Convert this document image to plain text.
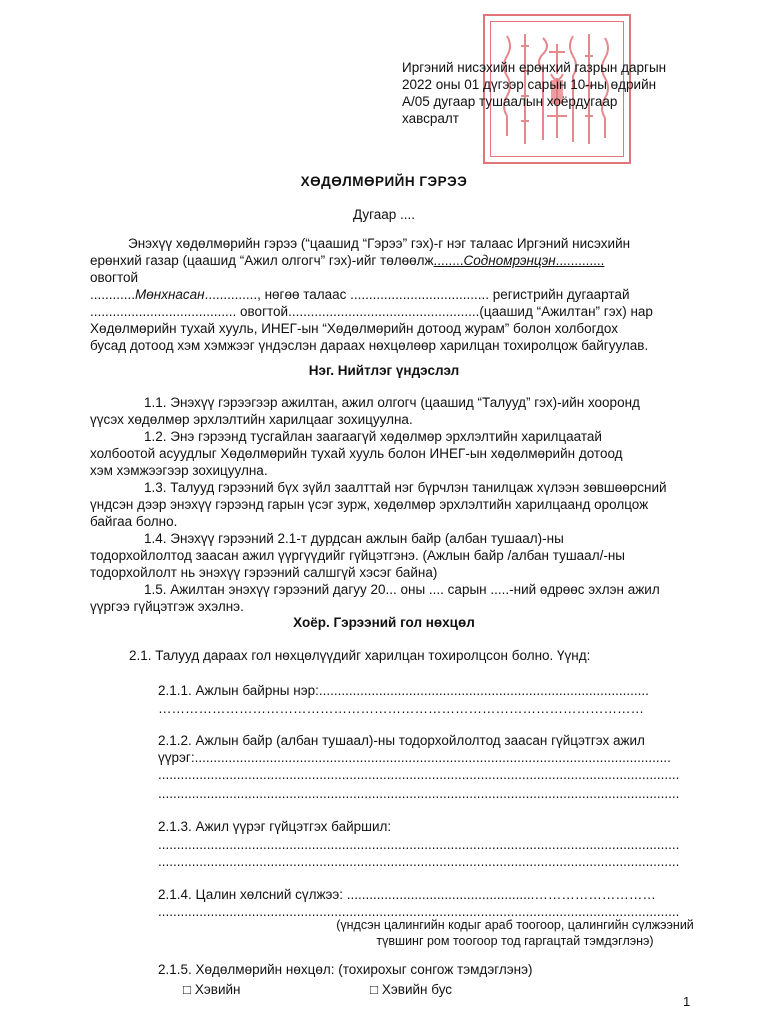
Иргэний нисэхийн ерөнхий газрын даргын
2022 оны 01 дүгээр сарын 10-ны өдрийн
А/05 дугаар тушаалын хоёрдугаар
хавсралт
ХӨДӨЛМӨРИЙН ГЭРЭЭ
Дугаар ....
Энэхүү хөдөлмөрийн гэрээ (“цаашид “Гэрээ” гэх)-г нэг талаас Иргэний нисэхийн
ерөнхий газар (цаашид “Ажил олгогч” гэх)-ийг төлөөлж........Содномрэнцэн.............
овогтой
............Мөнхнасан.............., нөгөө талаас ..................................... регистрийн дугаартай
....................................... овогтой...................................................(цаашид “Ажилтан” гэх) нар
Хөдөлмөрийн тухай хууль, ИНЕГ-ын “Хөдөлмөрийн дотоод журам” болон холбогдох
бусад дотоод хэм хэмжээг үндэслэн дараах нөхцөлөөр харилцан тохиролцож байгуулав.
Нэг. Нийтлэг үндэслэл
1.1. Энэхүү гэрээгээр ажилтан, ажил олгогч (цаашид “Талууд” гэх)-ийн хооронд
үүсэх хөдөлмөр эрхлэлтийн харилцааг зохицуулна.
1.2. Энэ гэрээнд тусгайлан заагаагүй хөдөлмөр эрхлэлтийн харилцаатай
холбоотой асуудлыг Хөдөлмөрийн тухай хууль болон ИНЕГ-ын хөдөлмөрийн дотоод
хэм хэмжээгээр зохицуулна.
1.3. Талууд гэрээний бүх зүйл заалттай нэг бүрчлэн танилцаж хүлээн зөвшөөрсний
үндсэн дээр энэхүү гэрээнд гарын үсэг зурж, хөдөлмөр эрхлэлтийн харилцаанд оролцож
байгаа болно.
1.4. Энэхүү гэрээний 2.1-т дурдсан ажлын байр (албан тушаал)-ны
тодорхойлолтод заасан ажил үүргүүдийг гүйцэтгэнэ. (Ажлын байр /албан тушаал/-ны
тодорхойлолт нь энэхүү гэрээний салшгүй хэсэг байна)
1.5. Ажилтан энэхүү гэрээний дагуу 20... оны .... сарын .....-ний өдрөөс эхлэн ажил
үүргээ гүйцэтгэж эхэлнэ.
Хоёр. Гэрээний гол нөхцөл
2.1. Талууд дараах гол нөхцөлүүдийг харилцан тохиролцсон болно. Үүнд:
2.1.1. Ажлын байрны нэр:........................................................................................
………………………………………………………………………………………………
2.1.2. Ажлын байр (албан тушаал)-ны тодорхойлолтод заасан гүйцэтгэх ажил
үүрэг:...............................................................................................................................
...........................................................................................................................................
...........................................................................................................................................
2.1.3. Ажил үүрэг гүйцэтгэх байршил:
...........................................................................................................................................
...........................................................................................................................................
2.1.4. Цалин хөлсний сүлжээ: ..................................................………………………
...........................................................................................................................................
(үндсэн цалингийн кодыг араб тоогоор, цалингийн сүлжээний
түвшинг ром тоогоор тод гаргацтай тэмдэглэнэ)
2.1.5. Хөдөлмөрийн нөхцөл: (тохирохыг сонгож тэмдэглэнэ)
□ Хэвийн	□ Хэвийн бус
1
